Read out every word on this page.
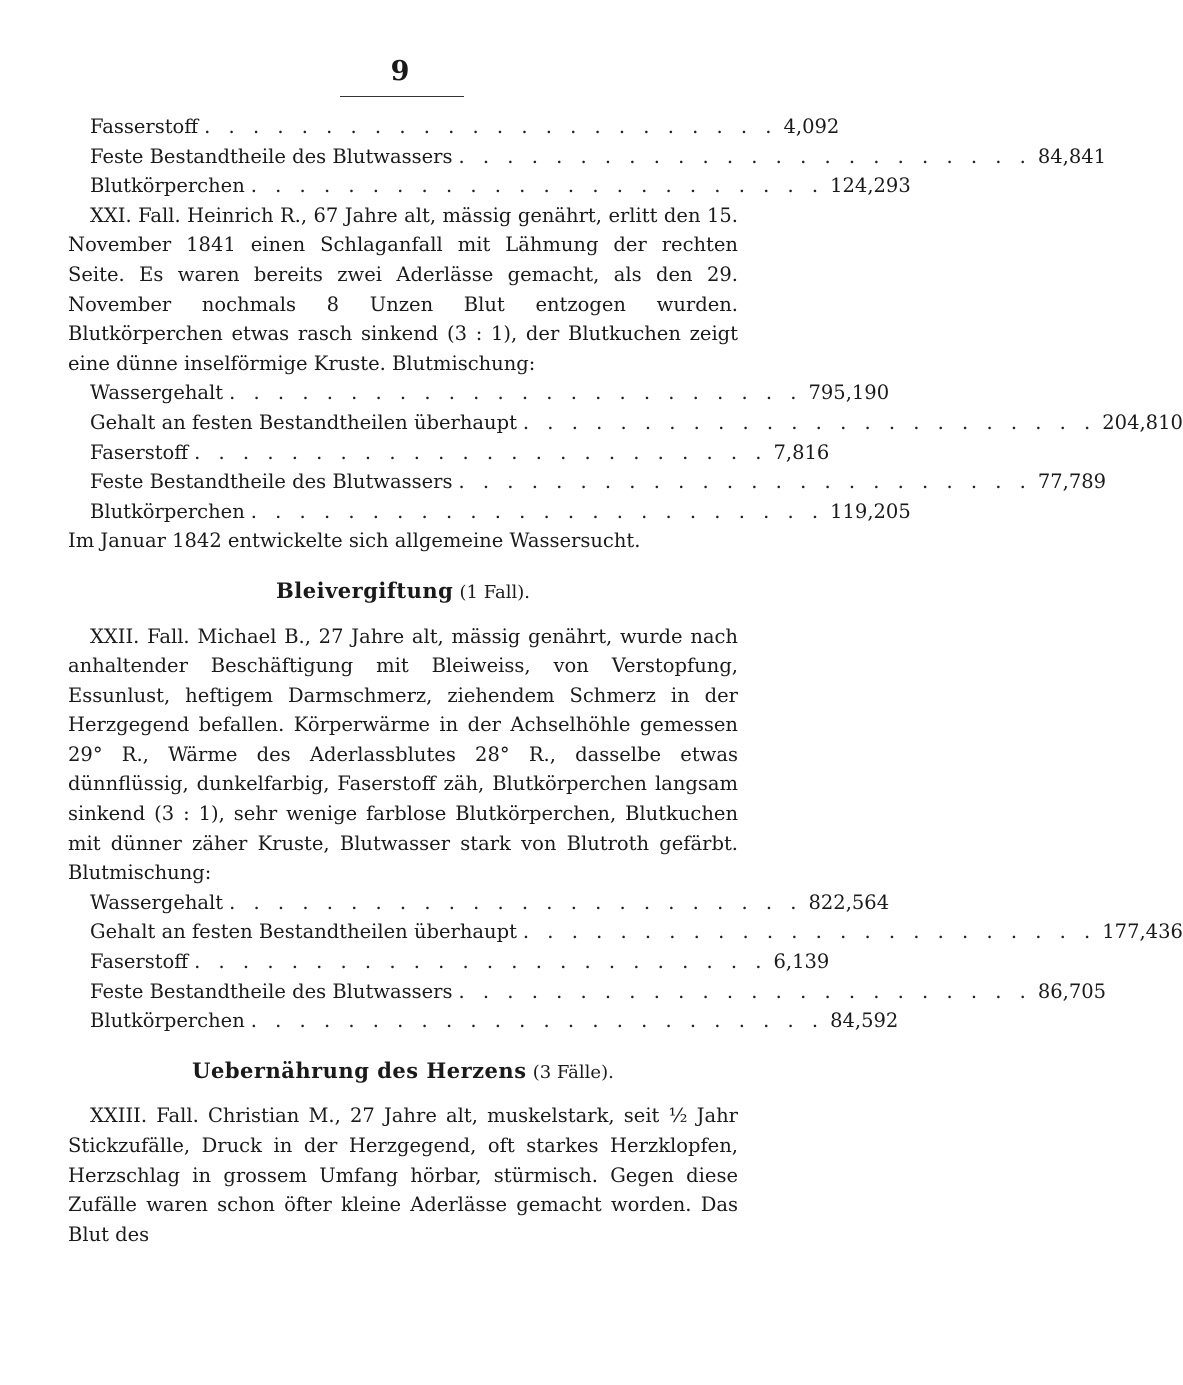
9
Fasserstoff . . . . . . . . . . . . . . . . . . . . . . . . 4,092
Feste Bestandtheile des Blutwassers . . . . . . . . . . . . . . . . . . . . . . . . 84,841
Blutkörperchen . . . . . . . . . . . . . . . . . . . . . . . . 124,293

XXI. Fall. Heinrich R., 67 Jahre alt, mässig genährt, erlitt den 15. November 1841 einen Schlaganfall mit Lähmung der rechten Seite. Es waren bereits zwei Aderlässe gemacht, als den 29. November nochmals 8 Unzen Blut entzogen wurden. Blutkörperchen etwas rasch sinkend (3 : 1), der Blutkuchen zeigt eine dünne inselförmige Kruste. Blutmischung:

Wassergehalt . . . . . . . . . . . . . . . . . . . . . . . . 795,190
Gehalt an festen Bestandtheilen überhaupt . . . . . . . . . . . . . . . . . . . . . . . . 204,810
Faserstoff . . . . . . . . . . . . . . . . . . . . . . . . 7,816
Feste Bestandtheile des Blutwassers . . . . . . . . . . . . . . . . . . . . . . . . 77,789
Blutkörperchen . . . . . . . . . . . . . . . . . . . . . . . . 119,205

Im Januar 1842 entwickelte sich allgemeine Wassersucht.

Bleivergiftung (1 Fall).

XXII. Fall. Michael B., 27 Jahre alt, mässig genährt, wurde nach anhaltender Beschäftigung mit Bleiweiss, von Verstopfung, Essunlust, heftigem Darmschmerz, ziehendem Schmerz in der Herzgegend befallen. Körperwärme in der Achselhöhle gemessen 29° R., Wärme des Aderlassblutes 28° R., dasselbe etwas dünnflüssig, dunkelfarbig, Faserstoff zäh, Blutkörperchen langsam sinkend (3 : 1), sehr wenige farblose Blutkörperchen, Blutkuchen mit dünner zäher Kruste, Blutwasser stark von Blutroth gefärbt. Blutmischung:

Wassergehalt . . . . . . . . . . . . . . . . . . . . . . . . 822,564
Gehalt an festen Bestandtheilen überhaupt . . . . . . . . . . . . . . . . . . . . . . . . 177,436
Faserstoff . . . . . . . . . . . . . . . . . . . . . . . . 6,139
Feste Bestandtheile des Blutwassers . . . . . . . . . . . . . . . . . . . . . . . . 86,705
Blutkörperchen . . . . . . . . . . . . . . . . . . . . . . . . 84,592
Uebernährung des Herzens (3 Fälle).

XXIII. Fall. Christian M., 27 Jahre alt, muskelstark, seit ½ Jahr Stickzufälle, Druck in der Herzgegend, oft starkes Herzklopfen, Herzschlag in grossem Umfang hörbar, stürmisch. Gegen diese Zufälle waren schon öfter kleine Aderlässe gemacht worden. Das Blut des
